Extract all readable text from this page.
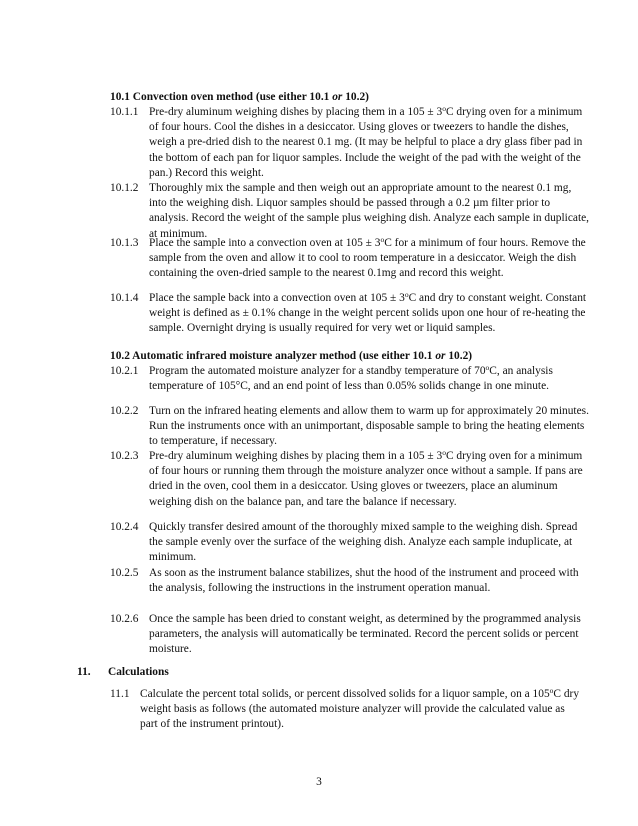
10.1 Convection oven method (use either 10.1 or 10.2)
10.1.1 Pre-dry aluminum weighing dishes by placing them in a $105 \pm 3^oC$ drying oven for a minimum of four hours. Cool the dishes in a desiccator. Using gloves or tweezers to handle the dishes, weigh a pre-dried dish to the nearest 0.1 mg. (It may be helpful to place a dry glass fiber pad in the bottom of each pan for liquor samples. Include the weight of the pad with the weight of the pan.) Record this weight.
10.1.2 Thoroughly mix the sample and then weigh out an appropriate amount to the nearest 0.1 mg, into the weighing dish. Liquor samples should be passed through a 0.2 µm filter prior to analysis. Record the weight of the sample plus weighing dish. Analyze each sample in duplicate, at minimum.
10.1.3 Place the sample into a convection oven at $105 \pm 3^oC$ for a minimum of four hours. Remove the sample from the oven and allow it to cool to room temperature in a desiccator. Weigh the dish containing the oven-dried sample to the nearest 0.1mg and record this weight.
10.1.4 Place the sample back into a convection oven at $105 \pm 3^oC$ and dry to constant weight. Constant weight is defined as ± 0.1% change in the weight percent solids upon one hour of re-heating the sample. Overnight drying is usually required for very wet or liquid samples.
10.2 Automatic infrared moisture analyzer method (use either 10.1 or 10.2)
10.2.1 Program the automated moisture analyzer for a standby temperature of 70$^o$C, an analysis temperature of 105°C, and an end point of less than 0.05% solids change in one minute.
10.2.2 Turn on the infrared heating elements and allow them to warm up for approximately 20 minutes. Run the instruments once with an unimportant, disposable sample to bring the heating elements to temperature, if necessary.
10.2.3 Pre-dry aluminum weighing dishes by placing them in a $105 \pm 3^oC$ drying oven for a minimum of four hours or running them through the moisture analyzer once without a sample. If pans are dried in the oven, cool them in a desiccator. Using gloves or tweezers, place an aluminum weighing dish on the balance pan, and tare the balance if necessary.
10.2.4 Quickly transfer desired amount of the thoroughly mixed sample to the weighing dish. Spread the sample evenly over the surface of the weighing dish. Analyze each sample induplicate, at minimum.
10.2.5 As soon as the instrument balance stabilizes, shut the hood of the instrument and proceed with the analysis, following the instructions in the instrument operation manual.
10.2.6 Once the sample has been dried to constant weight, as determined by the programmed analysis parameters, the analysis will automatically be terminated. Record the percent solids or percent moisture.
11. Calculations
11.1 Calculate the percent total solids, or percent dissolved solids for a liquor sample, on a 105$^o$C dry weight basis as follows (the automated moisture analyzer will provide the calculated value as part of the instrument printout).
3
